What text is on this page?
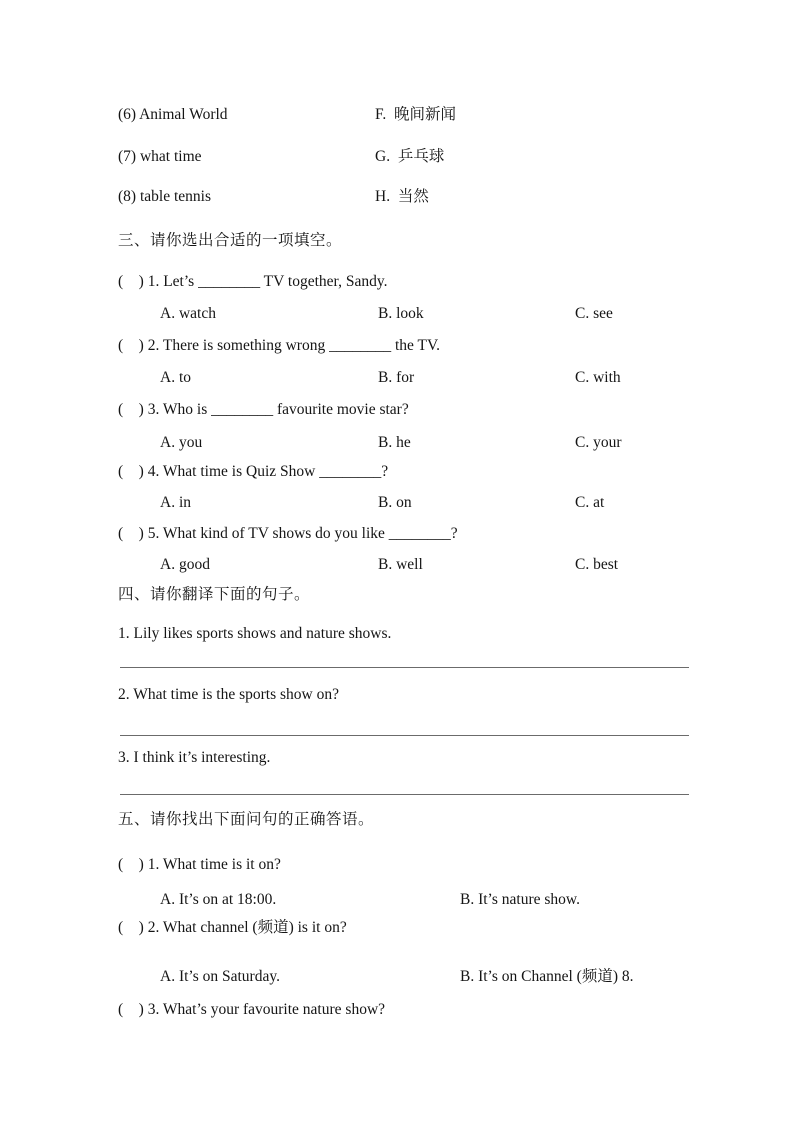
(6) Animal World	F.  晚间新闻
(7) what time	G.  乒乓球
(8) table tennis	H.  当然
三、请你选出合适的一项填空。
(    ) 1. Let’s ________ TV together, Sandy.
A. watch	B. look	C. see
(    ) 2. There is something wrong ________ the TV.
A. to	B. for	C. with
(    ) 3. Who is ________ favourite movie star?
A. you	B. he	C. your
(    ) 4. What time is Quiz Show ________?
A. in	B. on	C. at
(    ) 5. What kind of TV shows do you like ________?
A. good	B. well	C. best
四、请你翻译下面的句子。
1. Lily likes sports shows and nature shows.
2. What time is the sports show on?
3. I think it’s interesting.
五、请你找出下面问句的正确答语。
(    ) 1. What time is it on?
A. It’s on at 18:00.	B. It’s nature show.
(    ) 2. What channel (频道) is it on?
A. It’s on Saturday.	B. It’s on Channel (频道) 8.
(    ) 3. What’s your favourite nature show?
